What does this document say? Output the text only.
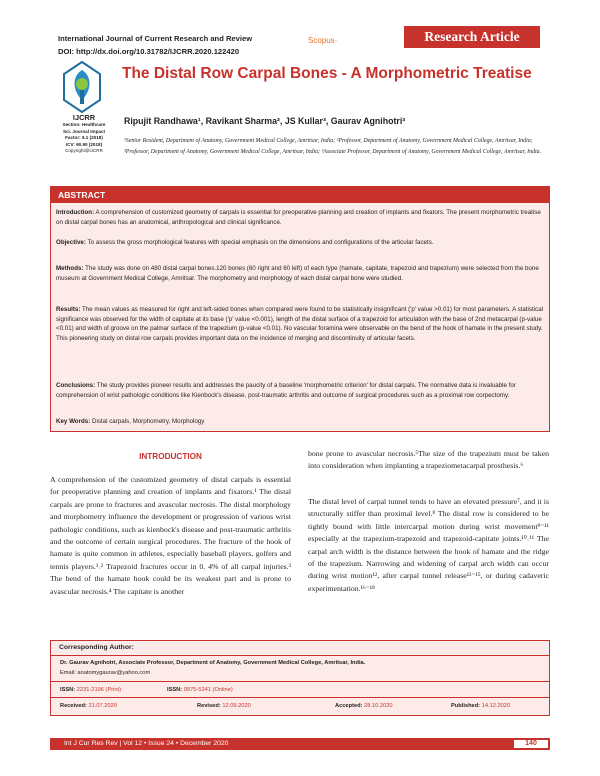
International Journal of Current Research and Review
DOI: http://dx.doi.org/10.31782/IJCRR.2020.122420
Scopus·	Research Article
IJCRR
Section: Healthcare
Sci. Journal Impact
Factor: 6.1 (2018)
ICV: 90.90 (2018)
Copyright@IJCRR
The Distal Row Carpal Bones - A Morphometric Treatise
Ripujit Randhawa¹, Ravikant Sharma², JS Kullar³, Gaurav Agnihotri³
¹Senior Resident, Department of Anatomy, Government Medical College, Amritsar, India; ²Professor, Department of Anatomy, Government Medical College, Amritsar, India; ³Professor, Department of Anatomy, Government Medical College, Amritsar, India; ³Associate Professor, Department of Anatomy, Government Medical College, Amritsar, India.
ABSTRACT

Introduction: A comprehension of customized geometry of carpals is essential for preoperative planning and creation of implants and fixators. The present morphometric treatise on distal carpal bones has an anatomical, anthropological and clinical significance.

Objective: To assess the gross morphological features with special emphasis on the dimensions and configurations of the articular facets.

Methods: The study was done on 480 distal carpal bones.120 bones (60 right and 60 left) of each type (hamate, capitate, trapezoid and trapezium) were selected from the bone museum at Government Medical College, Amritsar. The morphometry and morphology of each distal carpal bone were studied.

Results: The mean values as measured for right and left-sided bones when compared were found to be statistically insignificant ('p' value >0.01) for most parameters. A statistical significance was observed for the width of capitate at its base ('p' value <0.001), length of the distal surface of a trapezoid for articulation with the base of 2nd metacarpal (p-value <0.01) and width of groove on the palmar surface of the trapezium (p-value <0.01). No vascular foramina were observable on the bend of the hook of hamate in the present study. This pioneering study on distal row carpals provides important data on the incidence of merging and discontinuity of articular facets.

Conclusions: The study provides pioneer results and addresses the paucity of a baseline 'morphometric criterion' for distal carpals. The normative data is invaluable for comprehension of wrist pathologic conditions like Kienbock's disease, post-traumatic arthritis and outcome of surgical procedures such as a proximal row corpectomy.

Key Words: Distal carpals, Morphometry, Morphology

INTRODUCTION

A comprehension of the customized geometry of distal carpals is essential for preoperative planning and creation of implants and fixators.¹ The distal carpals are prone to fractures and avascular necrosis. The distal morphology and morphometry influence the development or progression of various wrist pathologic conditions, such as kienbock's disease and post-traumatic arthritis and the outcome of certain surgical procedures. The fracture of the hook of hamate is quite common in athletes, especially baseball players, golfers and tennis players.¹˒² Trapezoid fractures occur in 0. 4% of all carpal injuries.³ The bend of the hamate hook could be its weakest part and is prone to avascular necrosis.⁴ The capitate is another

bone prone to avascular necrosis.⁵The size of the trapezium must be taken into consideration when implanting a trapeziometacarpal prosthesis.⁶

The distal level of carpal tunnel tends to have an elevated pressure⁷, and it is structurally stiffer than proximal level.⁸ The distal row is considered to be tightly bound with little intercarpal motion during wrist movement⁹⁻¹¹ especially at the trapezium-trapezoid and trapezoid-capitate joints.¹⁰˒¹¹ The carpal arch width is the distance between the hook of hamate and the ridge of the trapezium. Narrowing and widening of carpal arch width can occur during wrist motion¹², after carpal tunnel release¹²⁻¹⁵, or during cadaveric experimentation.¹⁶⁻¹⁸

Corresponding Author:
Dr. Gaurav Agnihotri, Associate Professor, Department of Anatomy, Government Medical College, Amritsar, India.
Email: anatomygaurav@yahoo.com
ISSN: 2231-2196 (Print)	ISSN: 0975-5241 (Online)
Received: 21.07.2020	Revised: 12.09.2020	Accepted: 28.10.2020	Published: 14.12.2020
Int J Cur Res Rev | Vol 12 • Issue 24 • December 2020	140
